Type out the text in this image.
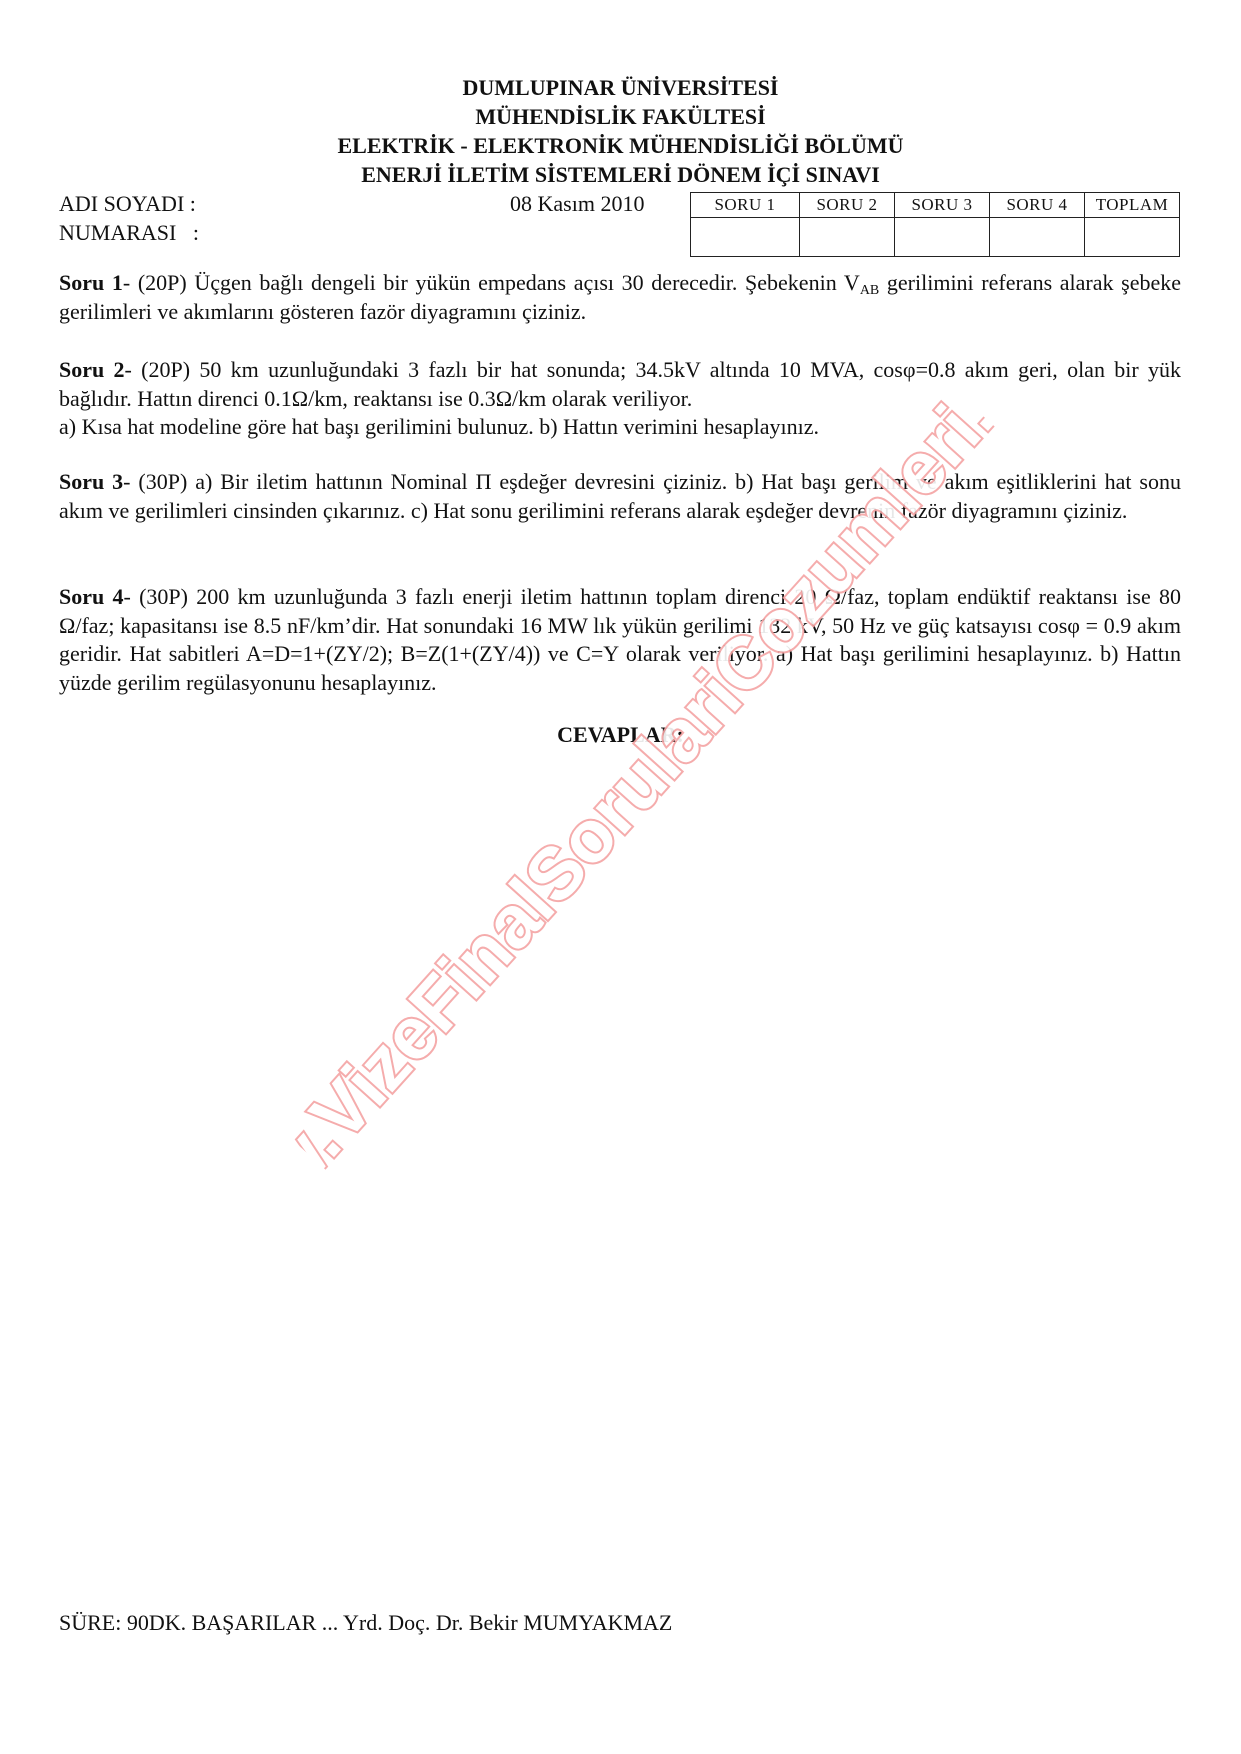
DUMLUPINAR ÜNİVERSİTESİ
MÜHENDİSLİK FAKÜLTESİ
ELEKTRİK - ELEKTRONİK MÜHENDİSLİĞİ BÖLÜMÜ
ENERJİ İLETİM SİSTEMLERİ DÖNEM İÇİ SINAVI
ADI SOYADI :
NUMARASI   :
08 Kasım 2010	SORU 1	SORU 2	SORU 3	SORU 4	TOPLAM

Soru 1- (20P) Üçgen bağlı dengeli bir yükün empedans açısı 30 derecedir. Şebekenin $V_{AB}$ gerilimini referans alarak şebeke gerilimleri ve akımlarını gösteren fazör diyagramını çiziniz.
Soru 2- (20P) 50 km uzunluğundaki 3 fazlı bir hat sonunda; 34.5kV altında 10 MVA, cosφ=0.8 akım geri, olan bir yük bağlıdır. Hattın direnci 0.1Ω/km, reaktansı ise 0.3Ω/km olarak veriliyor.
a) Kısa hat modeline göre hat başı gerilimini bulunuz. b) Hattın verimini hesaplayınız.
Soru 3- (30P) a) Bir iletim hattının Nominal Π eşdeğer devresini çiziniz. b) Hat başı gerilim ve akım eşitliklerini hat sonu akım ve gerilimleri cinsinden çıkarınız. c) Hat sonu gerilimini referans alarak eşdeğer devrenin fazör diyagramını çiziniz.
Soru 4- (30P) 200 km uzunluğunda 3 fazlı enerji iletim hattının toplam direnci 20 Ω/faz, toplam endüktif reaktansı ise 80 Ω/faz; kapasitansı ise 8.5 nF/km’dir. Hat sonundaki 16 MW lık yükün gerilimi 132 kV, 50 Hz ve güç katsayısı cosφ = 0.9 akım geridir. Hat sabitleri A=D=1+(ZY/2); B=Z(1+(ZY/4)) ve C=Y olarak veriliyor. a) Hat başı gerilimini hesaplayınız. b) Hattın yüzde gerilim regülasyonunu hesaplayınız.
CEVAPLAR:
SÜRE: 90DK. BAŞARILAR ... Yrd. Doç. Dr. Bekir MUMYAKMAZ
www.VizeFinalSorulariCozumleri.com
